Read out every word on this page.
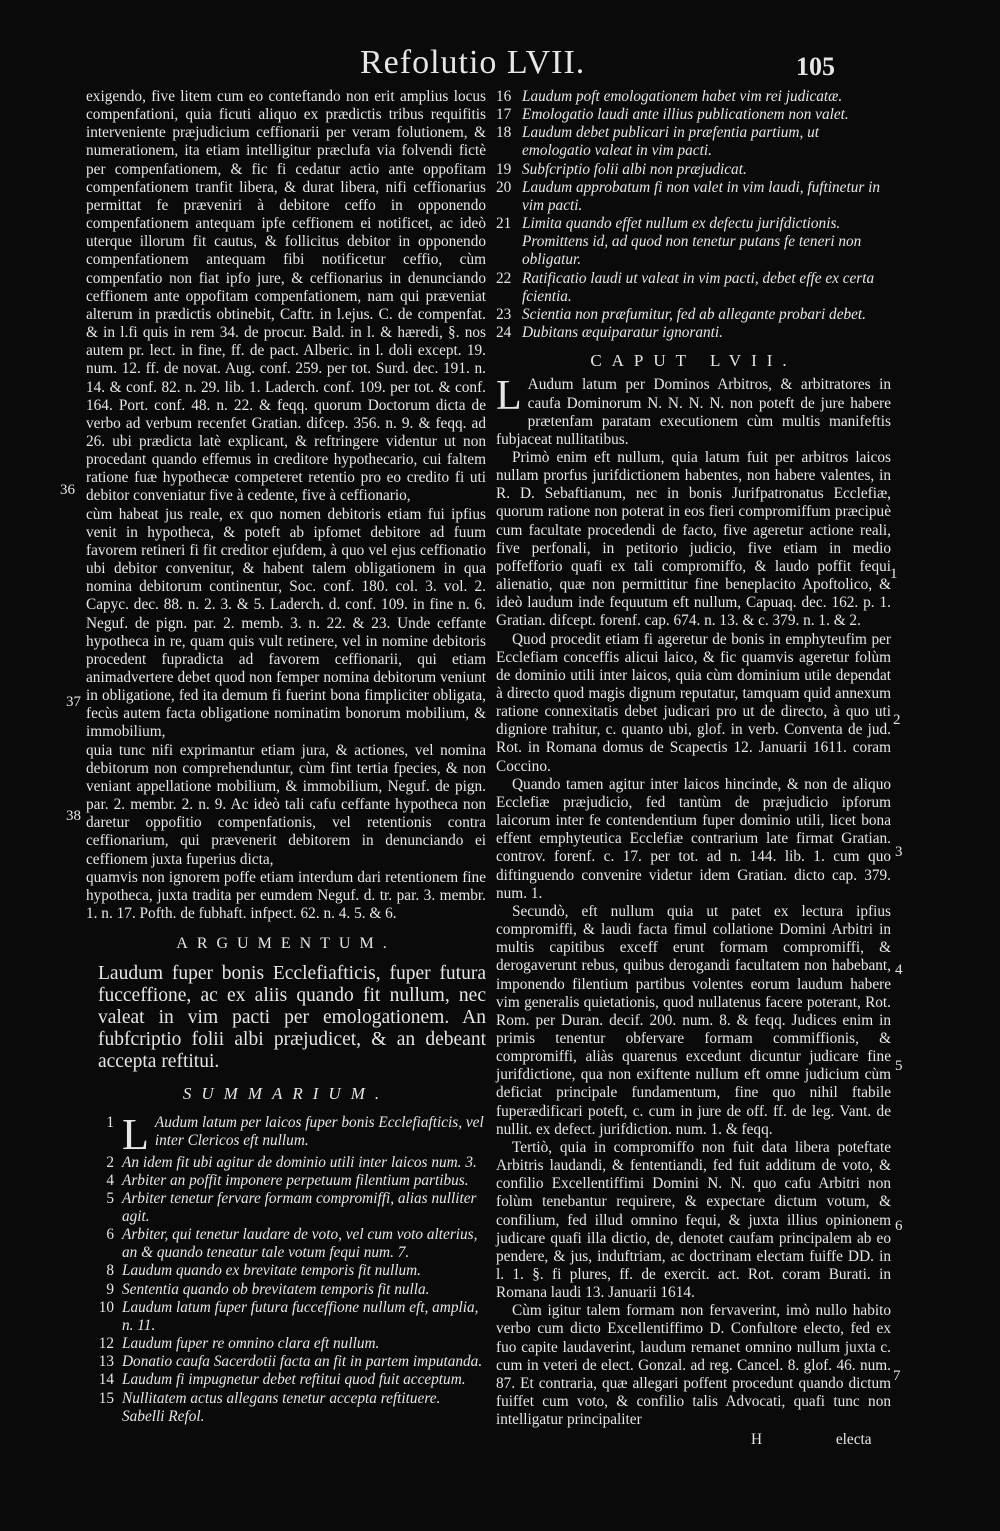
Refolutio LVII.	105

exigendo, five litem cum eo conteftando non erit amplius locus compenfationi, quia ficuti aliquo ex prædictis tribus requifitis interveniente præjudicium ceffionarii per veram folutionem, & numerationem, ita etiam intelligitur præclufa via folvendi fictè per compenfationem, & fic fi cedatur actio ante oppofitam compenfationem tranfit libera, & durat libera, nifi ceffionarius permittat fe præveniri à debitore ceffo in opponendo compenfationem antequam ipfe ceffionem ei notificet, ac ideò uterque illorum fit cautus, & follicitus debitor in opponendo compenfationem antequam fibi notificetur ceffio, cùm compenfatio non fiat ipfo jure, & ceffionarius in denunciando ceffionem ante oppofitam compenfationem, nam qui præveniat alterum in prædictis obtinebit, Caftr. in l.ejus. C. de compenfat. & in l.fi quis in rem 34. de procur. Bald. in l. & hæredi, §. nos autem pr. lect. in fine, ff. de pact. Alberic. in l. doli except. 19. num. 12. ff. de novat. Aug. conf. 259. per tot. Surd. dec. 191. n. 14. & conf. 82. n. 29. lib. 1. Laderch. conf. 109. per tot. & conf. 164. Port. conf. 48. n. 22. & feqq. quorum Doctorum dicta de verbo ad verbum recenfet Gratian. difcep. 356. n. 9. & feqq. ad 26. ubi prædicta latè explicant, & reftringere videntur ut non procedant quando effemus in creditore hypothecario, cui faltem ratione fuæ hypothecæ competeret retentio pro eo credito fi uti debitor conveniatur five à cedente, five à ceffionario,

cùm habeat jus reale, ex quo nomen debitoris etiam fui ipfius venit in hypotheca, & poteft ab ipfomet debitore ad fuum favorem retineri fi fit creditor ejufdem, à quo vel ejus ceffionatio ubi debitor convenitur, & habent talem obligationem in qua nomina debitorum continentur, Soc. conf. 180. col. 3. vol. 2. Capyc. dec. 88. n. 2. 3. & 5. Laderch. d. conf. 109. in fine n. 6. Neguf. de pign. par. 2. memb. 3. n. 22. & 23. Unde ceffante hypotheca in re, quam quis vult retinere, vel in nomine debitoris procedent fupradicta ad favorem ceffionarii, qui etiam animadvertere debet quod non femper nomina debitorum veniunt in obligatione, fed ita demum fi fuerint bona fimpliciter obligata, fecùs autem facta obligatione nominatim bonorum mobilium, & immobilium,

quia tunc nifi exprimantur etiam jura, & actiones, vel nomina debitorum non comprehenduntur, cùm fint tertia fpecies, & non veniant appellatione mobilium, & immobilium, Neguf. de pign. par. 2. membr. 2. n. 9. Ac ideò tali cafu ceffante hypotheca non daretur oppofitio compenfationis, vel retentionis contra ceffionarium, qui prævenerit debitorem in denunciando ei ceffionem juxta fuperius dicta,

quamvis non ignorem poffe etiam interdum dari retentionem fine hypotheca, juxta tradita per eumdem Neguf. d. tr. par. 3. membr. 1. n. 17. Pofth. de fubhaft. infpect. 62. n. 4. 5. & 6.

ARGUMENTUM.

Laudum fuper bonis Ecclefiafticis, fuper futura fucceffione, ac ex aliis quando fit nullum, nec valeat in vim pacti per emologationem. An fubfcriptio folii albi præjudicet, & an debeant accepta reftitui.

SUMMARIUM.
1 L Audum latum per laicos fuper bonis Ecclefiafticis, vel inter Clericos eft nullum.
2 An idem fit ubi agitur de dominio utili inter laicos num. 3.
4 Arbiter an poffit imponere perpetuum filentium partibus.
5 Arbiter tenetur fervare formam compromiffi, alias nulliter agit.
6 Arbiter, qui tenetur laudare de voto, vel cum voto alterius, an & quando teneatur tale votum fequi num. 7.
8 Laudum quando ex brevitate temporis fit nullum.
9 Sententia quando ob brevitatem temporis fit nulla.
10 Laudum latum fuper futura fucceffione nullum eft, ampliа, n. 11.
12 Laudum fuper re omnino clara eft nullum.
13 Donatio caufa Sacerdotii facta an fit in partem imputanda.
14 Laudum fi impugnetur debet reftitui quod fuit acceptum.
15 Nullitatem actus allegans tenetur accepta reftituere.
Sabelli Refol.
36
37
38
16 Laudum poft emologationem habet vim rei judicatæ.
17 Emologatio laudi ante illius publicationem non valet.
18 Laudum debet publicari in præfentia partium, ut emologatio valeat in vim pacti.
19 Subfcriptio folii albi non præjudicat.
20 Laudum approbatum fi non valet in vim laudi, fuftinetur in vim pacti.
21 Limita quando effet nullum ex defectu jurifdictionis.
Promittens id, ad quod non tenetur putans fe teneri non obligatur.
22 Ratificatio laudi ut valeat in vim pacti, debet effe ex certa fcientia.
23 Scientia non præfumitur, fed ab allegante probari debet.
24 Dubitans æquiparatur ignoranti.
CAPUT LVII.

L Audum latum per Dominos Arbitros, & arbitratores in caufa Dominorum N. N. N. N. non poteft de jure habere prætenfam paratam executionem cùm multis manifeftis fubjaceat nullitatibus.

Primò enim eft nullum, quia latum fuit per arbitros laicos nullam prorfus jurifdictionem habentes, non habere valentes, in R. D. Sebaftianum, nec in bonis Jurifpatronatus Ecclefiæ, quorum ratione non poterat in eos fieri compromiffum præcipuè cum facultate procedendi de facto, five ageretur actione reali, five perfonali, in petitorio judicio, five etiam in medio poffefforio quafi ex tali compromiffo, & laudo poffit fequi alienatio, quæ non permittitur fine beneplacito Apoftolico, & ideò laudum inde fequutum eft nullum, Capuaq. dec. 162. p. 1. Gratian. difcept. forenf. cap. 674. n. 13. & c. 379. n. 1. & 2.

Quod procedit etiam fi ageretur de bonis in emphyteufim per Ecclefiam conceffis alicui laico, & fic quamvis ageretur folùm de dominio utili inter laicos, quia cùm dominium utile dependat à directo quod magis dignum reputatur, tamquam quid annexum ratione connexitatis debet judicari pro ut de directo, à quo uti digniore trahitur, c. quanto ubi, glof. in verb. Conventa de jud. Rot. in Romana domus de Scapectis 12. Januarii 1611. coram Coccino.

Quando tamen agitur inter laicos hincinde, & non de aliquo Ecclefiæ præjudicio, fed tantùm de præjudicio ipforum laicorum inter fe contendentium fuper dominio utili, licet bona effent emphyteutica Ecclefiæ contrarium late firmat Gratian. controv. forenf. c. 17. per tot. ad n. 144. lib. 1. cum quo diftinguendo convenire videtur idem Gratian. dicto cap. 379. num. 1.

Secundò, eft nullum quia ut patet ex lectura ipfius compromiffi, & laudi facta fimul collatione Domini Arbitri in multis capitibus exceff erunt formam compromiffi, & derogaverunt rebus, quibus derogandi facultatem non habebant, imponendo filentium partibus volentes eorum laudum habere vim generalis quietationis, quod nullatenus facere poterant, Rot. Rom. per Duran. decif. 200. num. 8. & feqq. Judices enim in primis tenentur obfervare formam commiffionis, & compromiffi, aliàs quarenus excedunt dicuntur judicare fine jurifdictione, qua non exiftente nullum eft omne judicium cùm deficiat principale fundamentum, fine quo nihil ftabile fuperædificari poteft, c. cum in jure de off. ff. de leg. Vant. de nullit. ex defect. jurifdiction. num. 1. & feqq.

Tertiò, quia in compromiffo non fuit data libera poteftate Arbitris laudandi, & fententiandi, fed fuit additum de voto, & confilio Excellentiffimi Domini N. N. quo cafu Arbitri non folùm tenebantur requirere, & expectare dictum votum, & confilium, fed illud omnino fequi, & juxta illius opinionem judicare quafi illa dictio, de, denotet caufam principalem ab eo pendere, & jus, induftriam, ac doctrinam electam fuiffe DD. in l. 1. §. fi plures, ff. de exercit. act. Rot. coram Burati. in Romana laudi 13. Januarii 1614.

Cùm igitur talem formam non fervaverint, imò nullo habito verbo cum dicto Excellentiffimo D. Confultore electo, fed ex fuo capite laudaverint, laudum remanet omnino nullum juxta c. cum in veteri de elect. Gonzal. ad reg. Cancel. 8. glof. 46. num. 87. Et contraria, quæ allegari poffent procedunt quando dictum fuiffet cum voto, & confilio talis Advocati, quafi tunc non intelligatur principaliter

H	electa
1
2
3
4
5
6
7
